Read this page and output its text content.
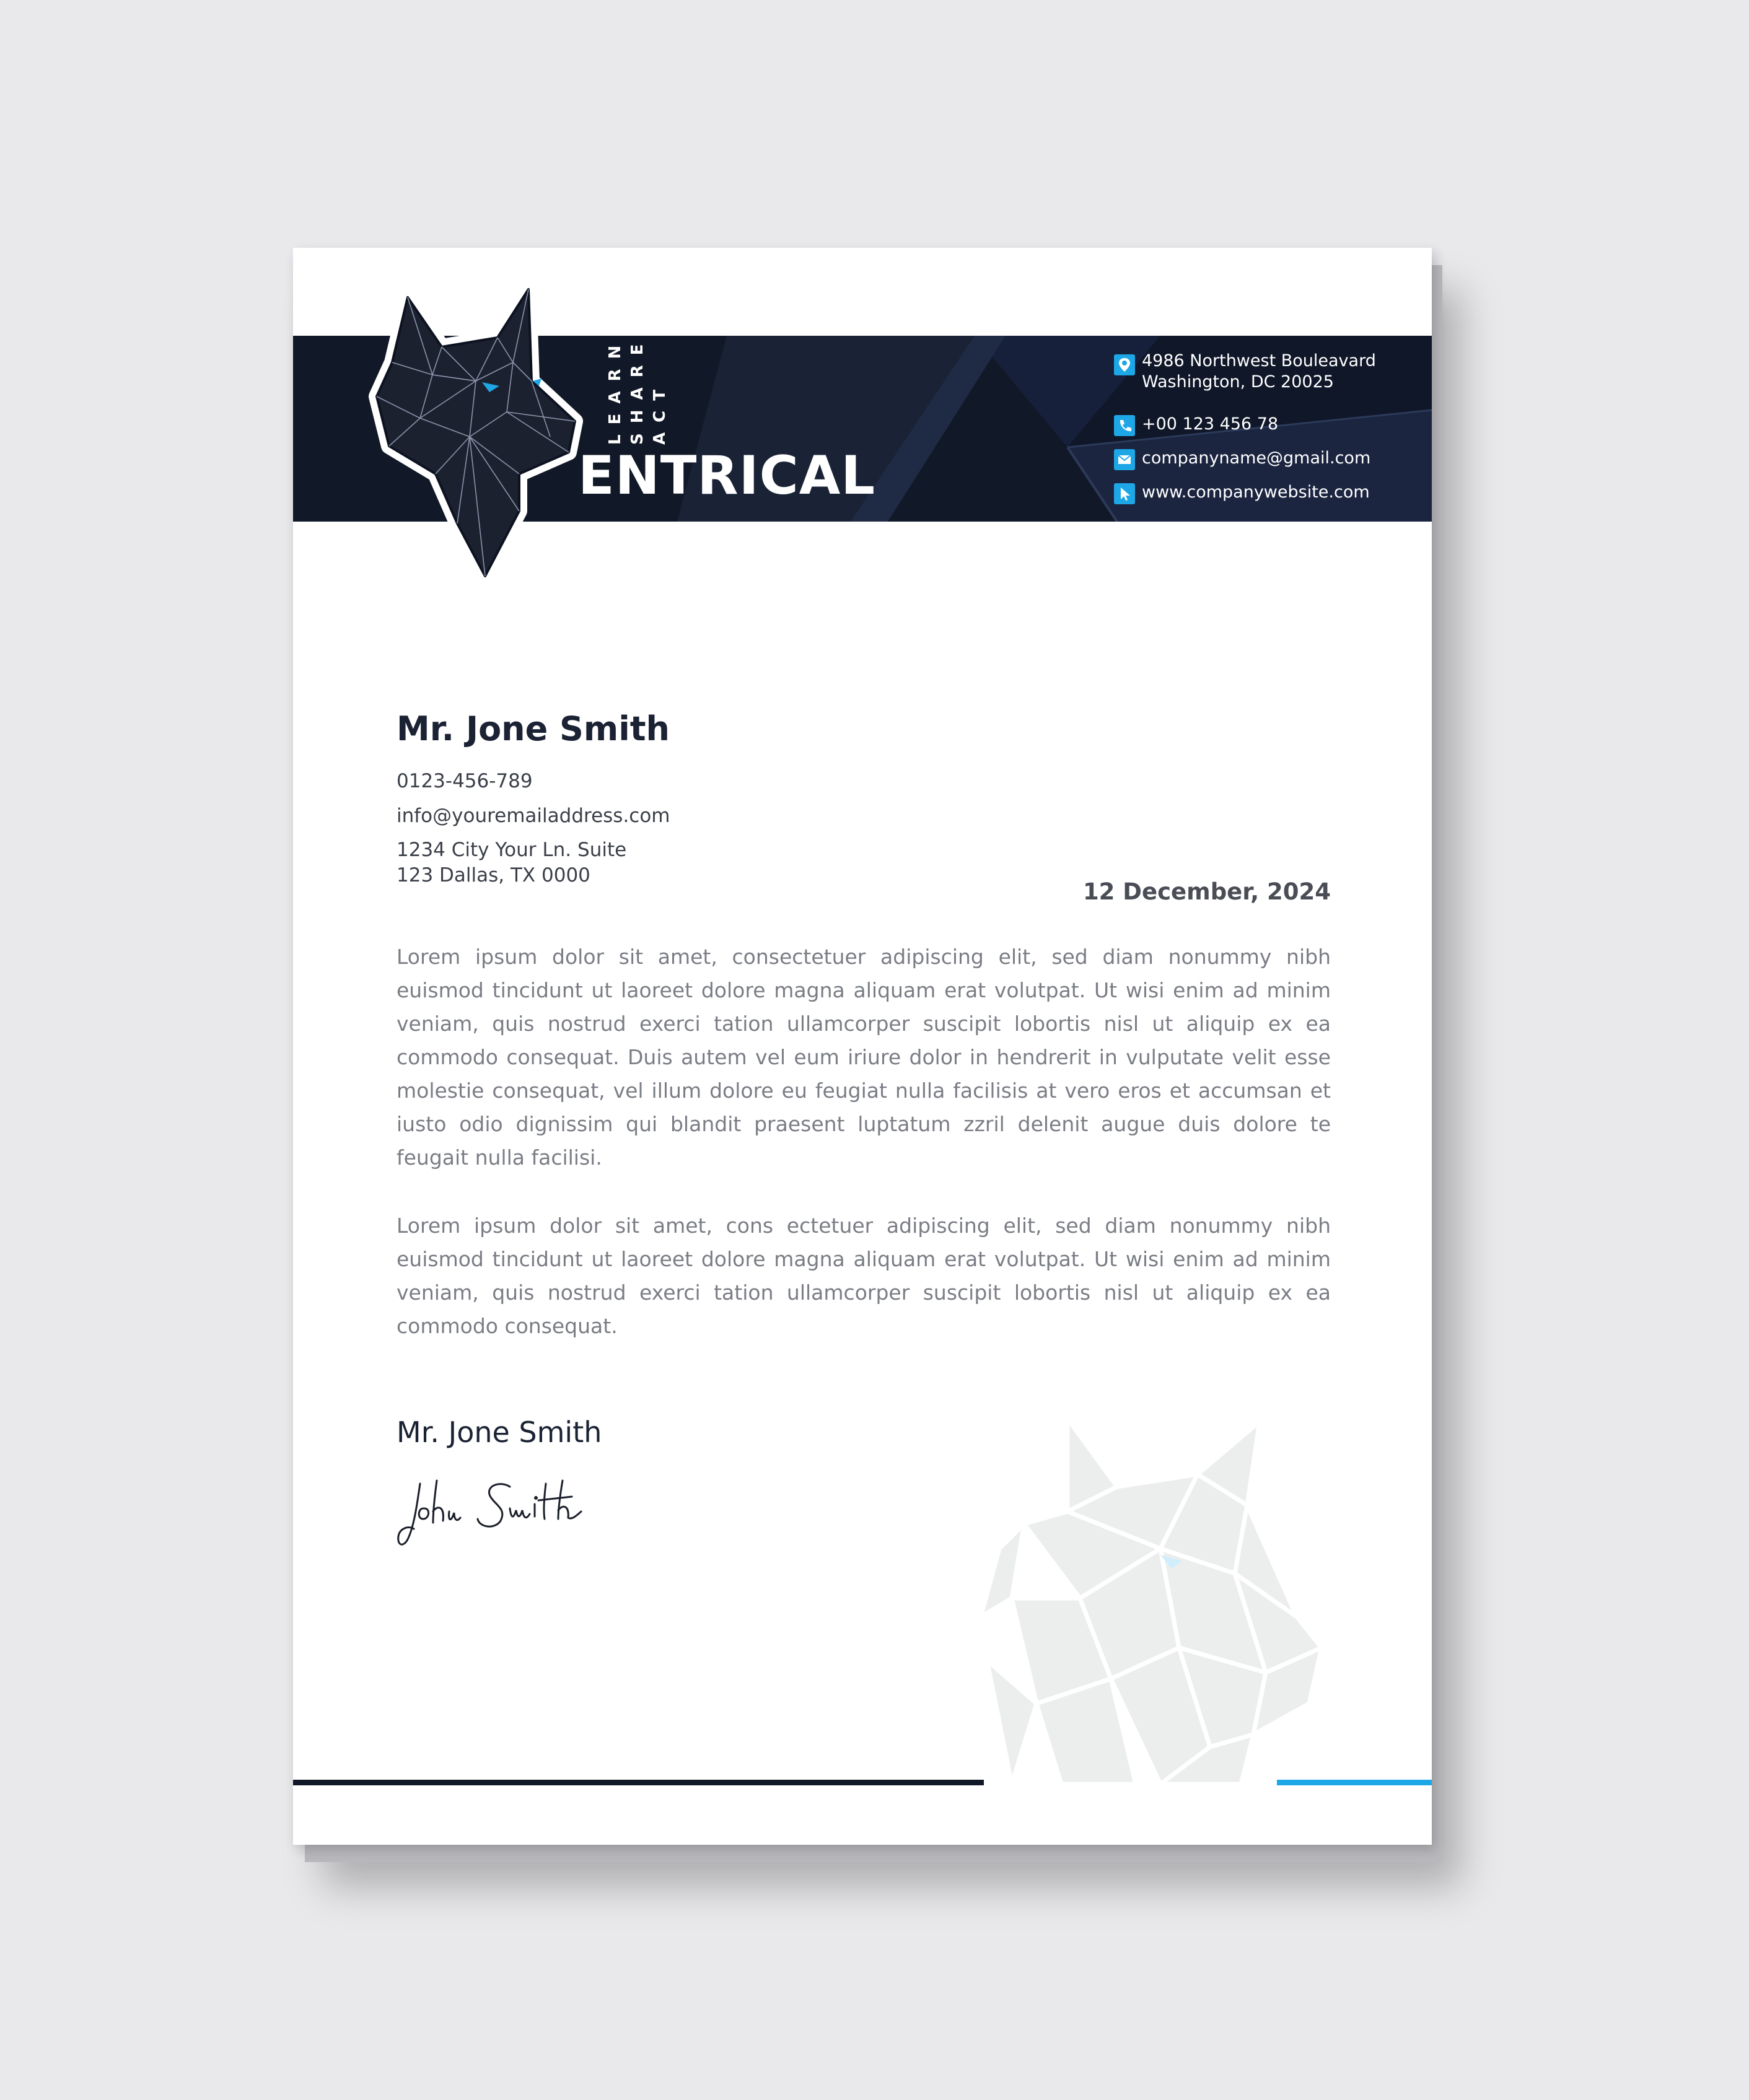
4986 Northwest Bouleavard
Washington, DC 20025
+00 123 456 78
companyname@gmail.com
www.companywebsite.com
LEARN SHARE ACT
ENTRICAL
Mr. Jone Smith
0123-456-789
info@youremailaddress.com
1234 City Your Ln. Suite
123 Dallas, TX 0000
12 December, 2024
Lorem ipsum dolor sit amet, consectetuer adipiscing elit, sed diam nonummy nibh euismod tincidunt ut laoreet dolore magna aliquam erat volutpat. Ut wisi enim ad minim veniam, quis nostrud exerci tation ullamcorper suscipit lobortis nisl ut aliquip ex ea commodo consequat. Duis autem vel eum iriure dolor in hendrerit in vulputate velit esse molestie consequat, vel illum dolore eu feugiat nulla facilisis at vero eros et accumsan et iusto odio dignissim qui blandit praesent luptatum zzril delenit augue duis dolore te feugait nulla facilisi.
Lorem ipsum dolor sit amet, cons ectetuer adipiscing elit, sed diam nonummy nibh euismod tincidunt ut laoreet dolore magna aliquam erat volutpat. Ut wisi enim ad minim veniam, quis nostrud exerci tation ullamcorper suscipit lobortis nisl ut aliquip ex ea commodo consequat.
Mr. Jone Smith
